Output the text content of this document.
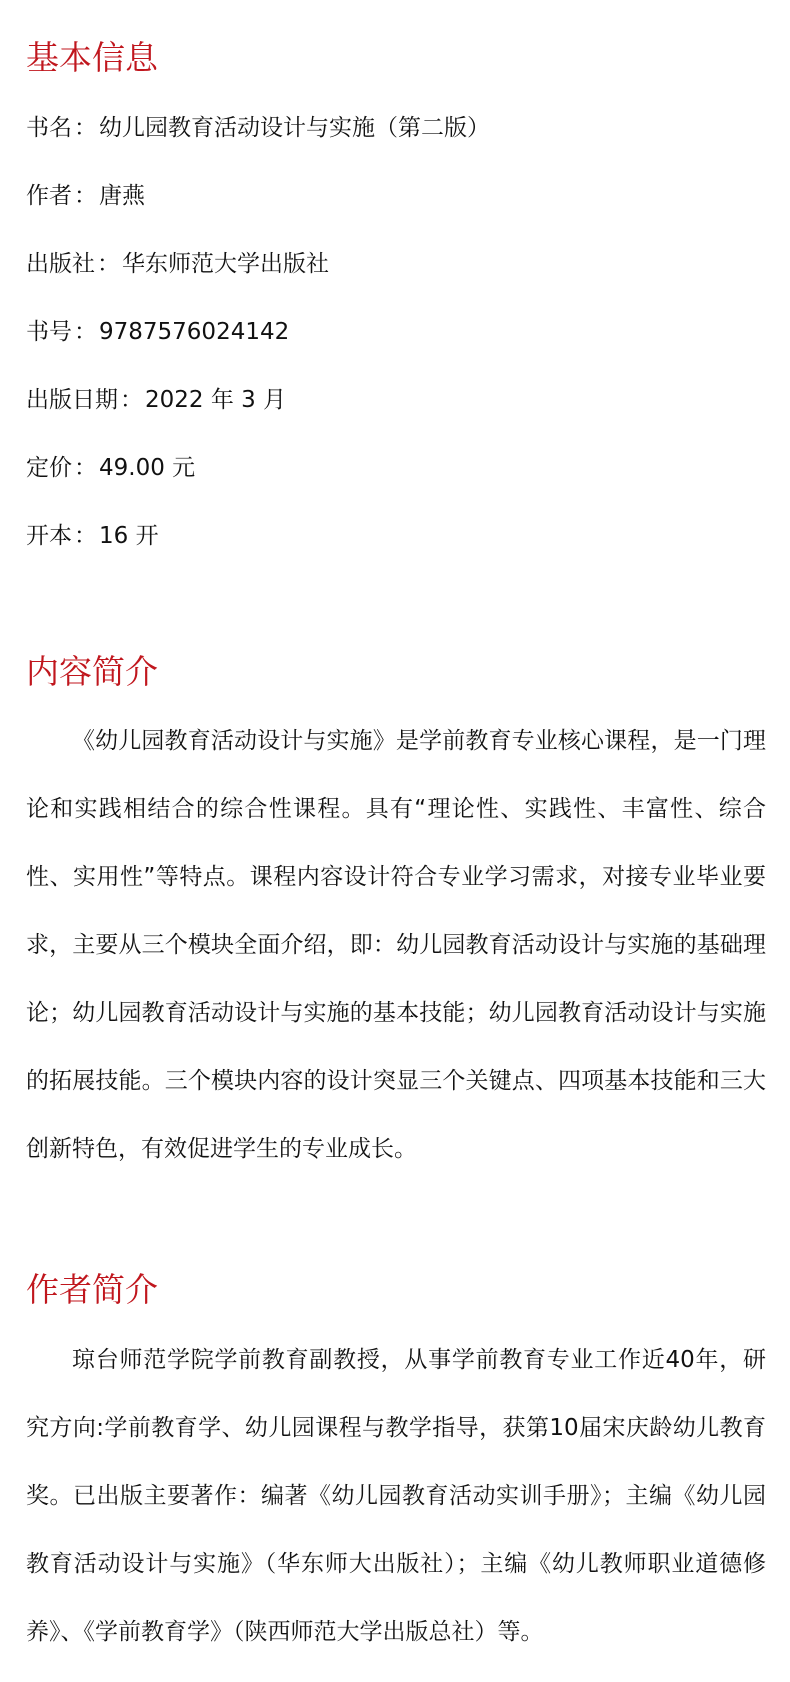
基本信息
书名：幼儿园教育活动设计与实施（第二版）
作者：唐燕
出版社：华东师范大学出版社
书号：9787576024142
出版日期：2022 年 3 月
定价：49.00 元
开本：16 开
内容简介

《幼儿园教育活动设计与实施》是学前教育专业核心课程，是一门理论和实践相结合的综合性课程。具有“理论性、实践性、丰富性、综合性、实用性”等特点。课程内容设计符合专业学习需求，对接专业毕业要求，主要从三个模块全面介绍，即：幼儿园教育活动设计与实施的基础理论；幼儿园教育活动设计与实施的基本技能；幼儿园教育活动设计与实施的拓展技能。三个模块内容的设计突显三个关键点、四项基本技能和三大创新特色，有效促进学生的专业成长。

作者简介

琼台师范学院学前教育副教授，从事学前教育专业工作近40年，研究方向:学前教育学、幼儿园课程与教学指导，获第10届宋庆龄幼儿教育奖。已出版主要著作：编著《幼儿园教育活动实训手册》；主编《幼儿园教育活动设计与实施》（华东师大出版社）；主编《幼儿教师职业道德修养》、《学前教育学》（陕西师范大学出版总社）等。
